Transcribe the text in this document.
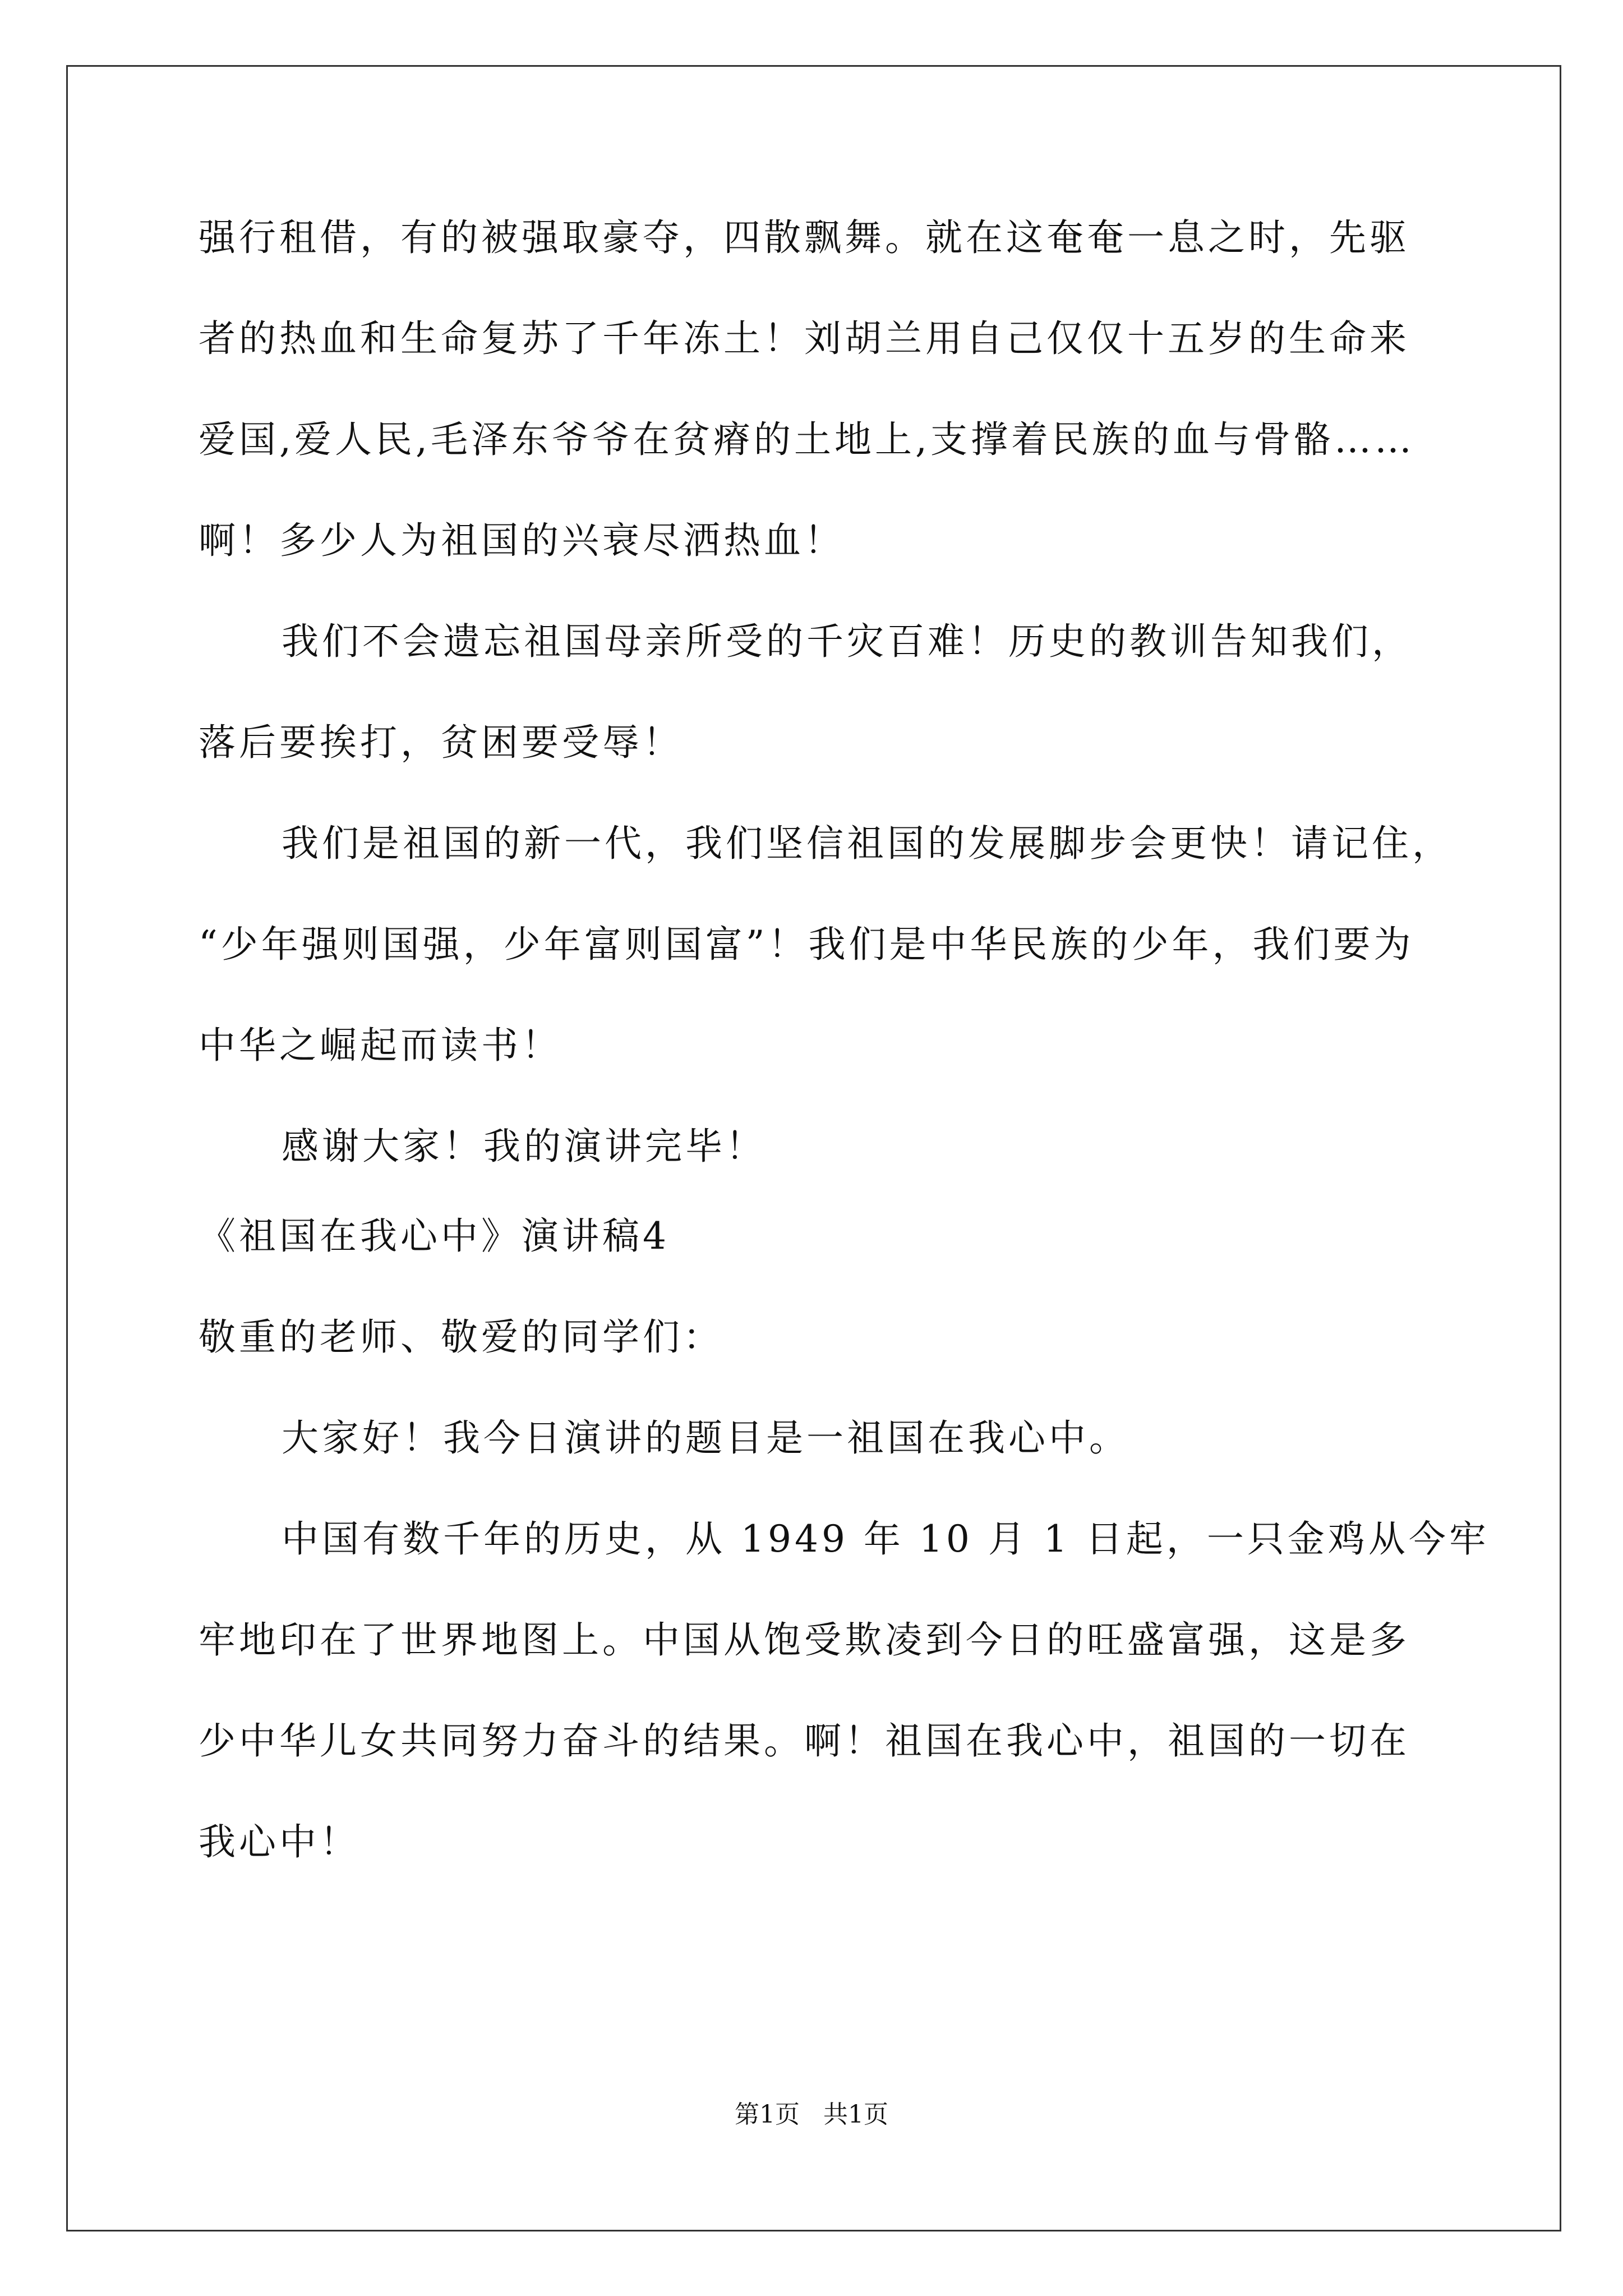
强行租借，有的被强取豪夺，四散飘舞。就在这奄奄一息之时，先驱
者的热血和生命复苏了千年冻土！刘胡兰用自己仅仅十五岁的生命来
爱国,爱人民,毛泽东爷爷在贫瘠的土地上,支撑着民族的血与骨骼……
啊！多少人为祖国的兴衰尽洒热血！
我们不会遗忘祖国母亲所受的千灾百难！历史的教训告知我们，
落后要挨打，贫困要受辱！
我们是祖国的新一代，我们坚信祖国的发展脚步会更快！请记住，
“少年强则国强，少年富则国富”！我们是中华民族的少年，我们要为
中华之崛起而读书！
感谢大家！我的演讲完毕！
《祖国在我心中》演讲稿4
敬重的老师、敬爱的同学们：
大家好！我今日演讲的题目是一祖国在我心中。
中国有数千年的历史，从 1949 年 10 月 1 日起，一只金鸡从今牢
牢地印在了世界地图上。中国从饱受欺凌到今日的旺盛富强，这是多
少中华儿女共同努力奋斗的结果。啊！祖国在我心中，祖国的一切在
我心中！
第1页   共1页
